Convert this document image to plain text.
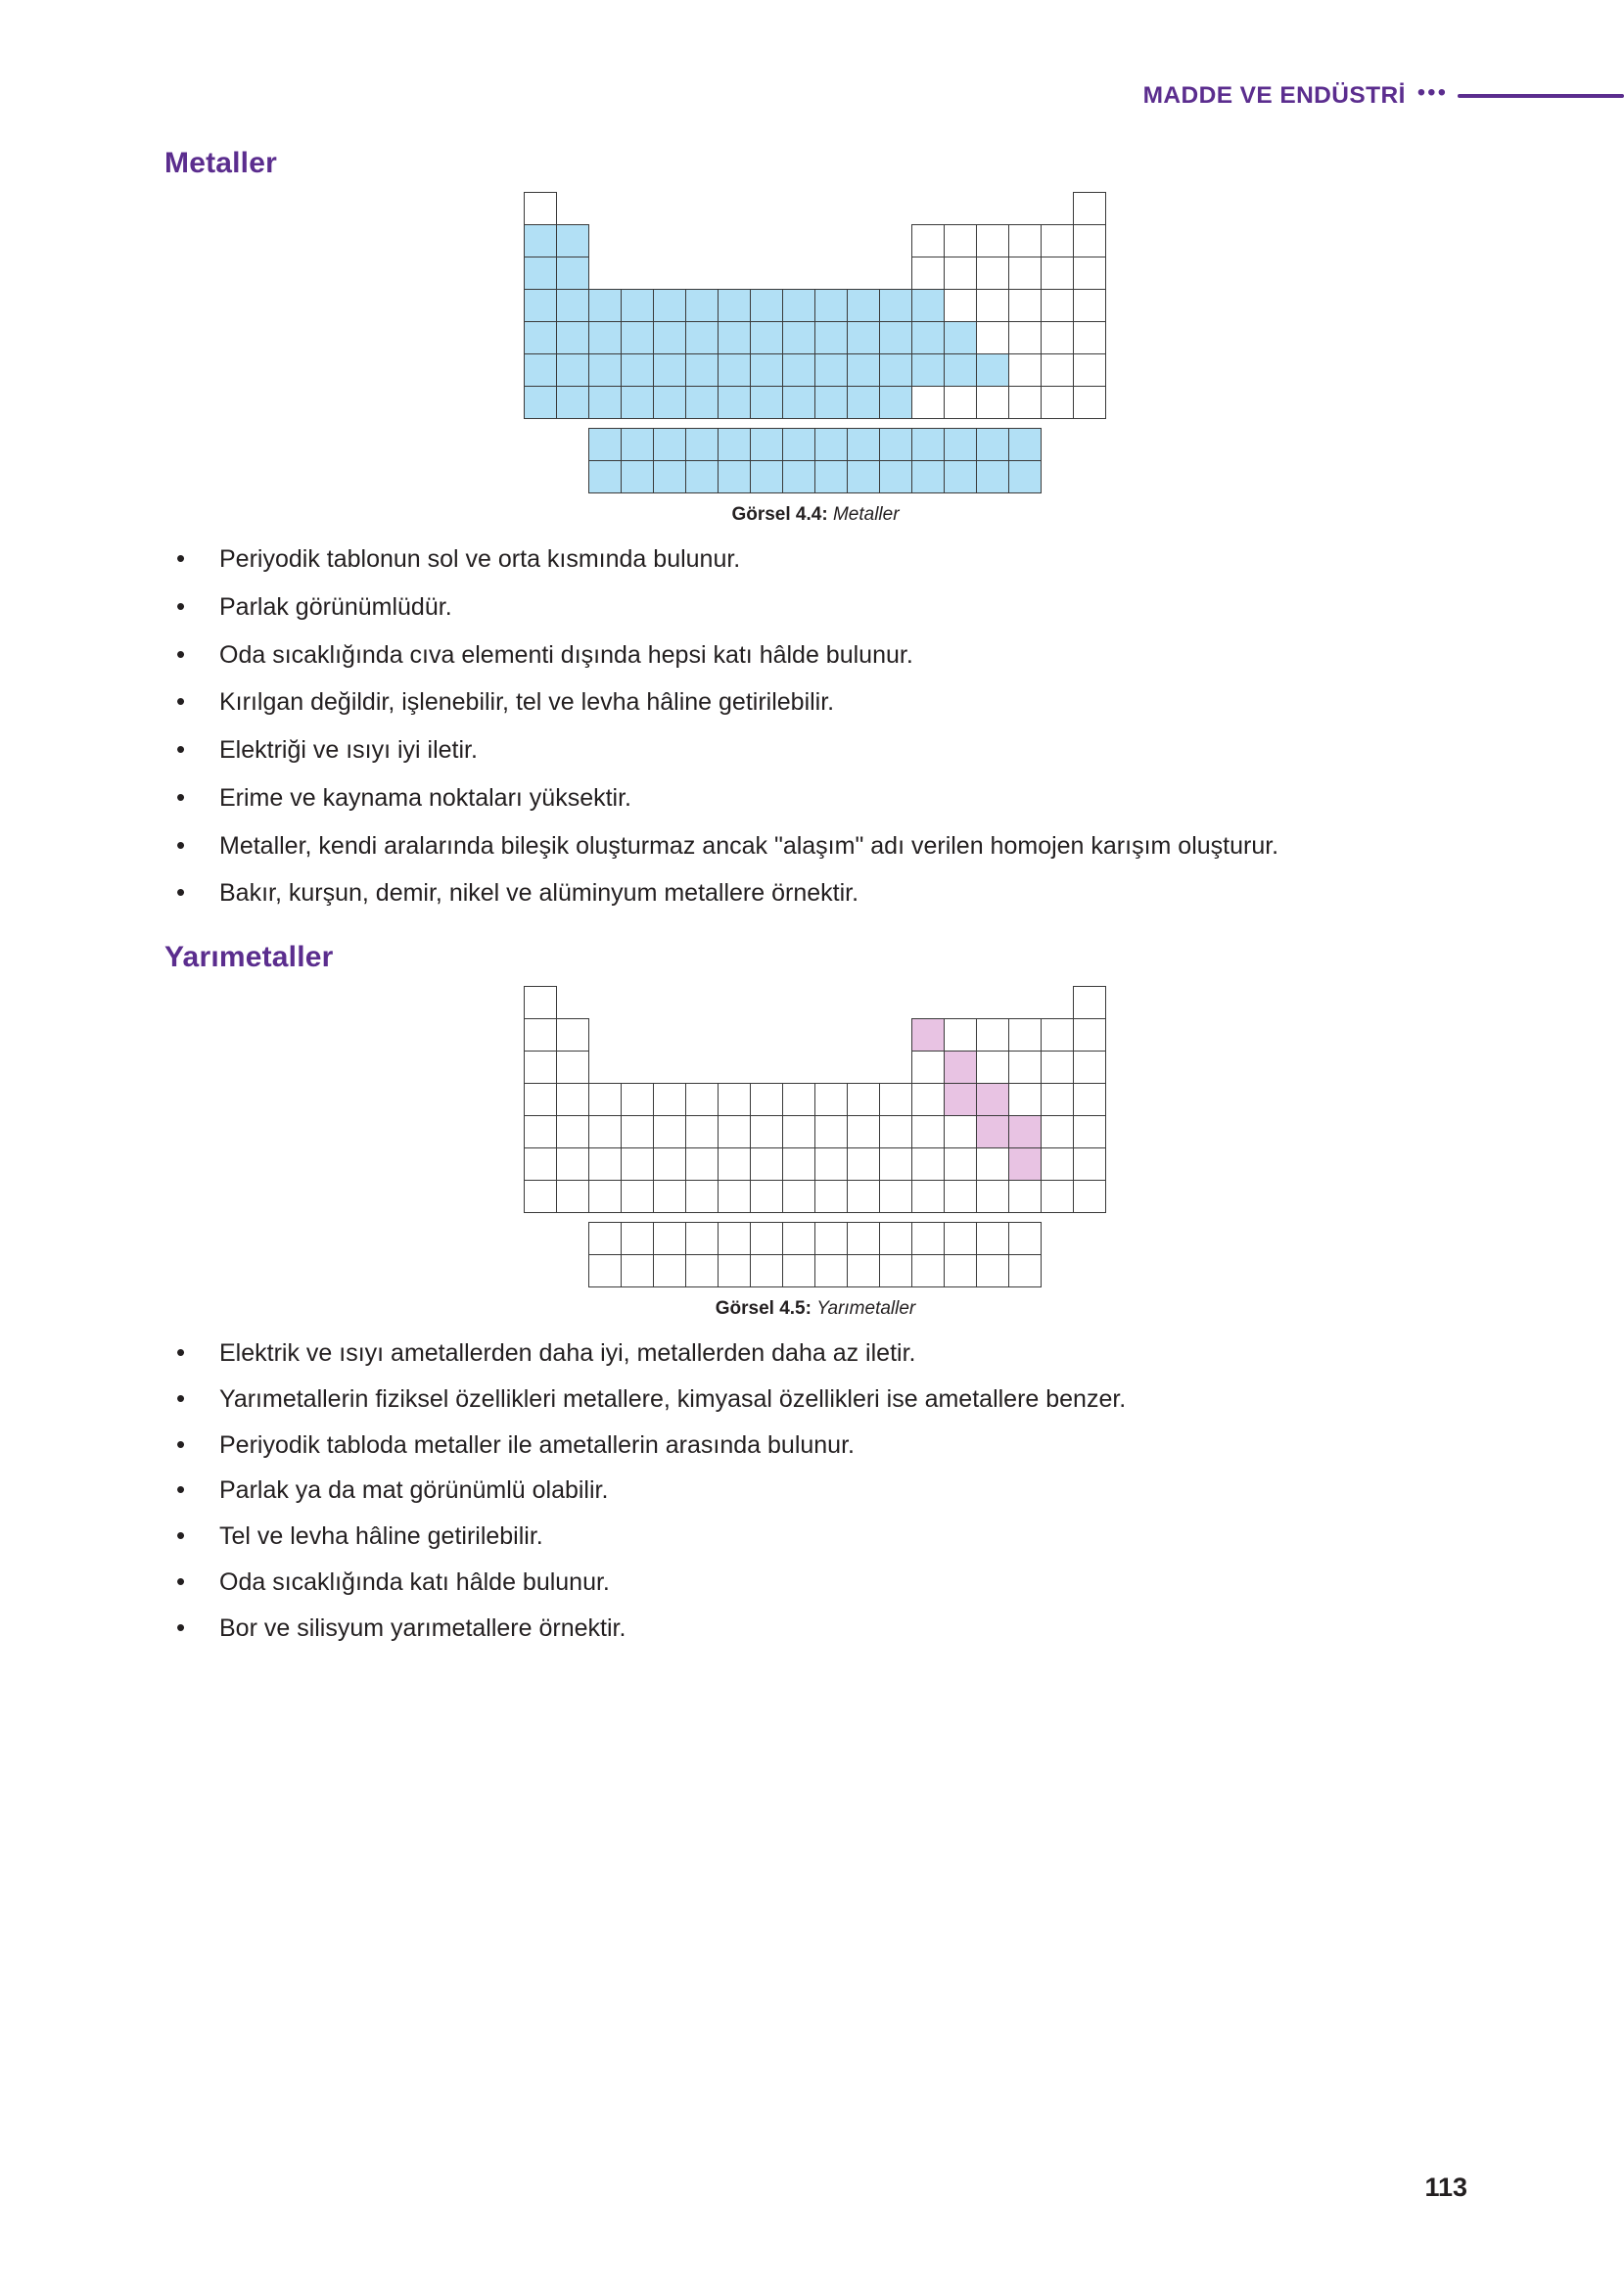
MADDE VE ENDÜSTRİ •••
Metaller
Görsel 4.4: Metaller
• Periyodik tablonun sol ve orta kısmında bulunur.
• Parlak görünümlüdür.
• Oda sıcaklığında cıva elementi dışında hepsi katı hâlde bulunur.
• Kırılgan değildir, işlenebilir, tel ve levha hâline getirilebilir.
• Elektriği ve ısıyı iyi iletir.
• Erime ve kaynama noktaları yüksektir.
• Metaller, kendi aralarında bileşik oluşturmaz ancak "alaşım" adı verilen homojen karışım oluşturur.
• Bakır, kurşun, demir, nikel ve alüminyum metallere örnektir.
Yarımetaller
Görsel 4.5: Yarımetaller
• Elektrik ve ısıyı ametallerden daha iyi, metallerden daha az iletir.
• Yarımetallerin fiziksel özellikleri metallere, kimyasal özellikleri ise ametallere benzer.
• Periyodik tabloda metaller ile ametallerin arasında bulunur.
• Parlak ya da mat görünümlü olabilir.
• Tel ve levha hâline getirilebilir.
• Oda sıcaklığında katı hâlde bulunur.
• Bor ve silisyum yarımetallere örnektir.
113
